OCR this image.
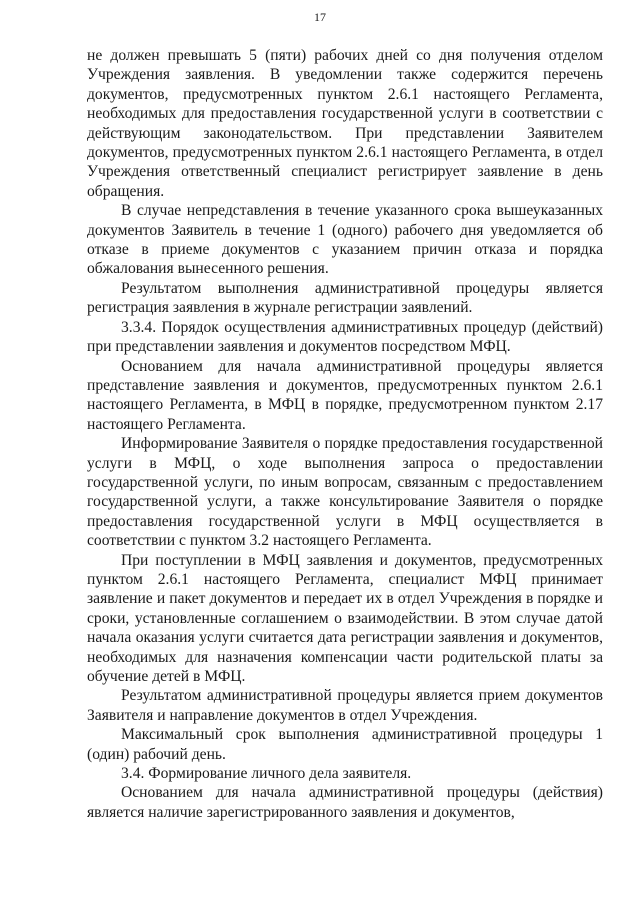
17

не должен превышать 5 (пяти) рабочих дней со дня получения отделом Учреждения заявления. В уведомлении также содержится перечень документов, предусмотренных пунктом 2.6.1 настоящего Регламента, необходимых для предоставления государственной услуги в соответствии с действующим законодательством. При представлении Заявителем документов, предусмотренных пунктом 2.6.1 настоящего Регламента, в отдел Учреждения ответственный специалист регистрирует заявление в день обращения.

В случае непредставления в течение указанного срока вышеуказанных документов Заявитель в течение 1 (одного) рабочего дня уведомляется об отказе в приеме документов с указанием причин отказа и порядка обжалования вынесенного решения.

Результатом выполнения административной процедуры является регистрация заявления в журнале регистрации заявлений.

3.3.4. Порядок осуществления административных процедур (действий) при представлении заявления и документов посредством МФЦ.

Основанием для начала административной процедуры является представление заявления и документов, предусмотренных пунктом 2.6.1 настоящего Регламента, в МФЦ в порядке, предусмотренном пунктом 2.17 настоящего Регламента.

Информирование Заявителя о порядке предоставления государственной услуги в МФЦ, о ходе выполнения запроса о предоставлении государственной услуги, по иным вопросам, связанным с предоставлением государственной услуги, а также консультирование Заявителя о порядке предоставления государственной услуги в МФЦ осуществляется в соответствии с пунктом 3.2 настоящего Регламента.

При поступлении в МФЦ заявления и документов, предусмотренных пунктом 2.6.1 настоящего Регламента, специалист МФЦ принимает заявление и пакет документов и передает их в отдел Учреждения в порядке и сроки, установленные соглашением о взаимодействии. В этом случае датой начала оказания услуги считается дата регистрации заявления и документов, необходимых для назначения компенсации части родительской платы за обучение детей в МФЦ.

Результатом административной процедуры является прием документов Заявителя и направление документов в отдел Учреждения.

Максимальный срок выполнения административной процедуры 1 (один) рабочий день.

3.4. Формирование личного дела заявителя.

Основанием для начала административной процедуры (действия) является наличие зарегистрированного заявления и документов,
